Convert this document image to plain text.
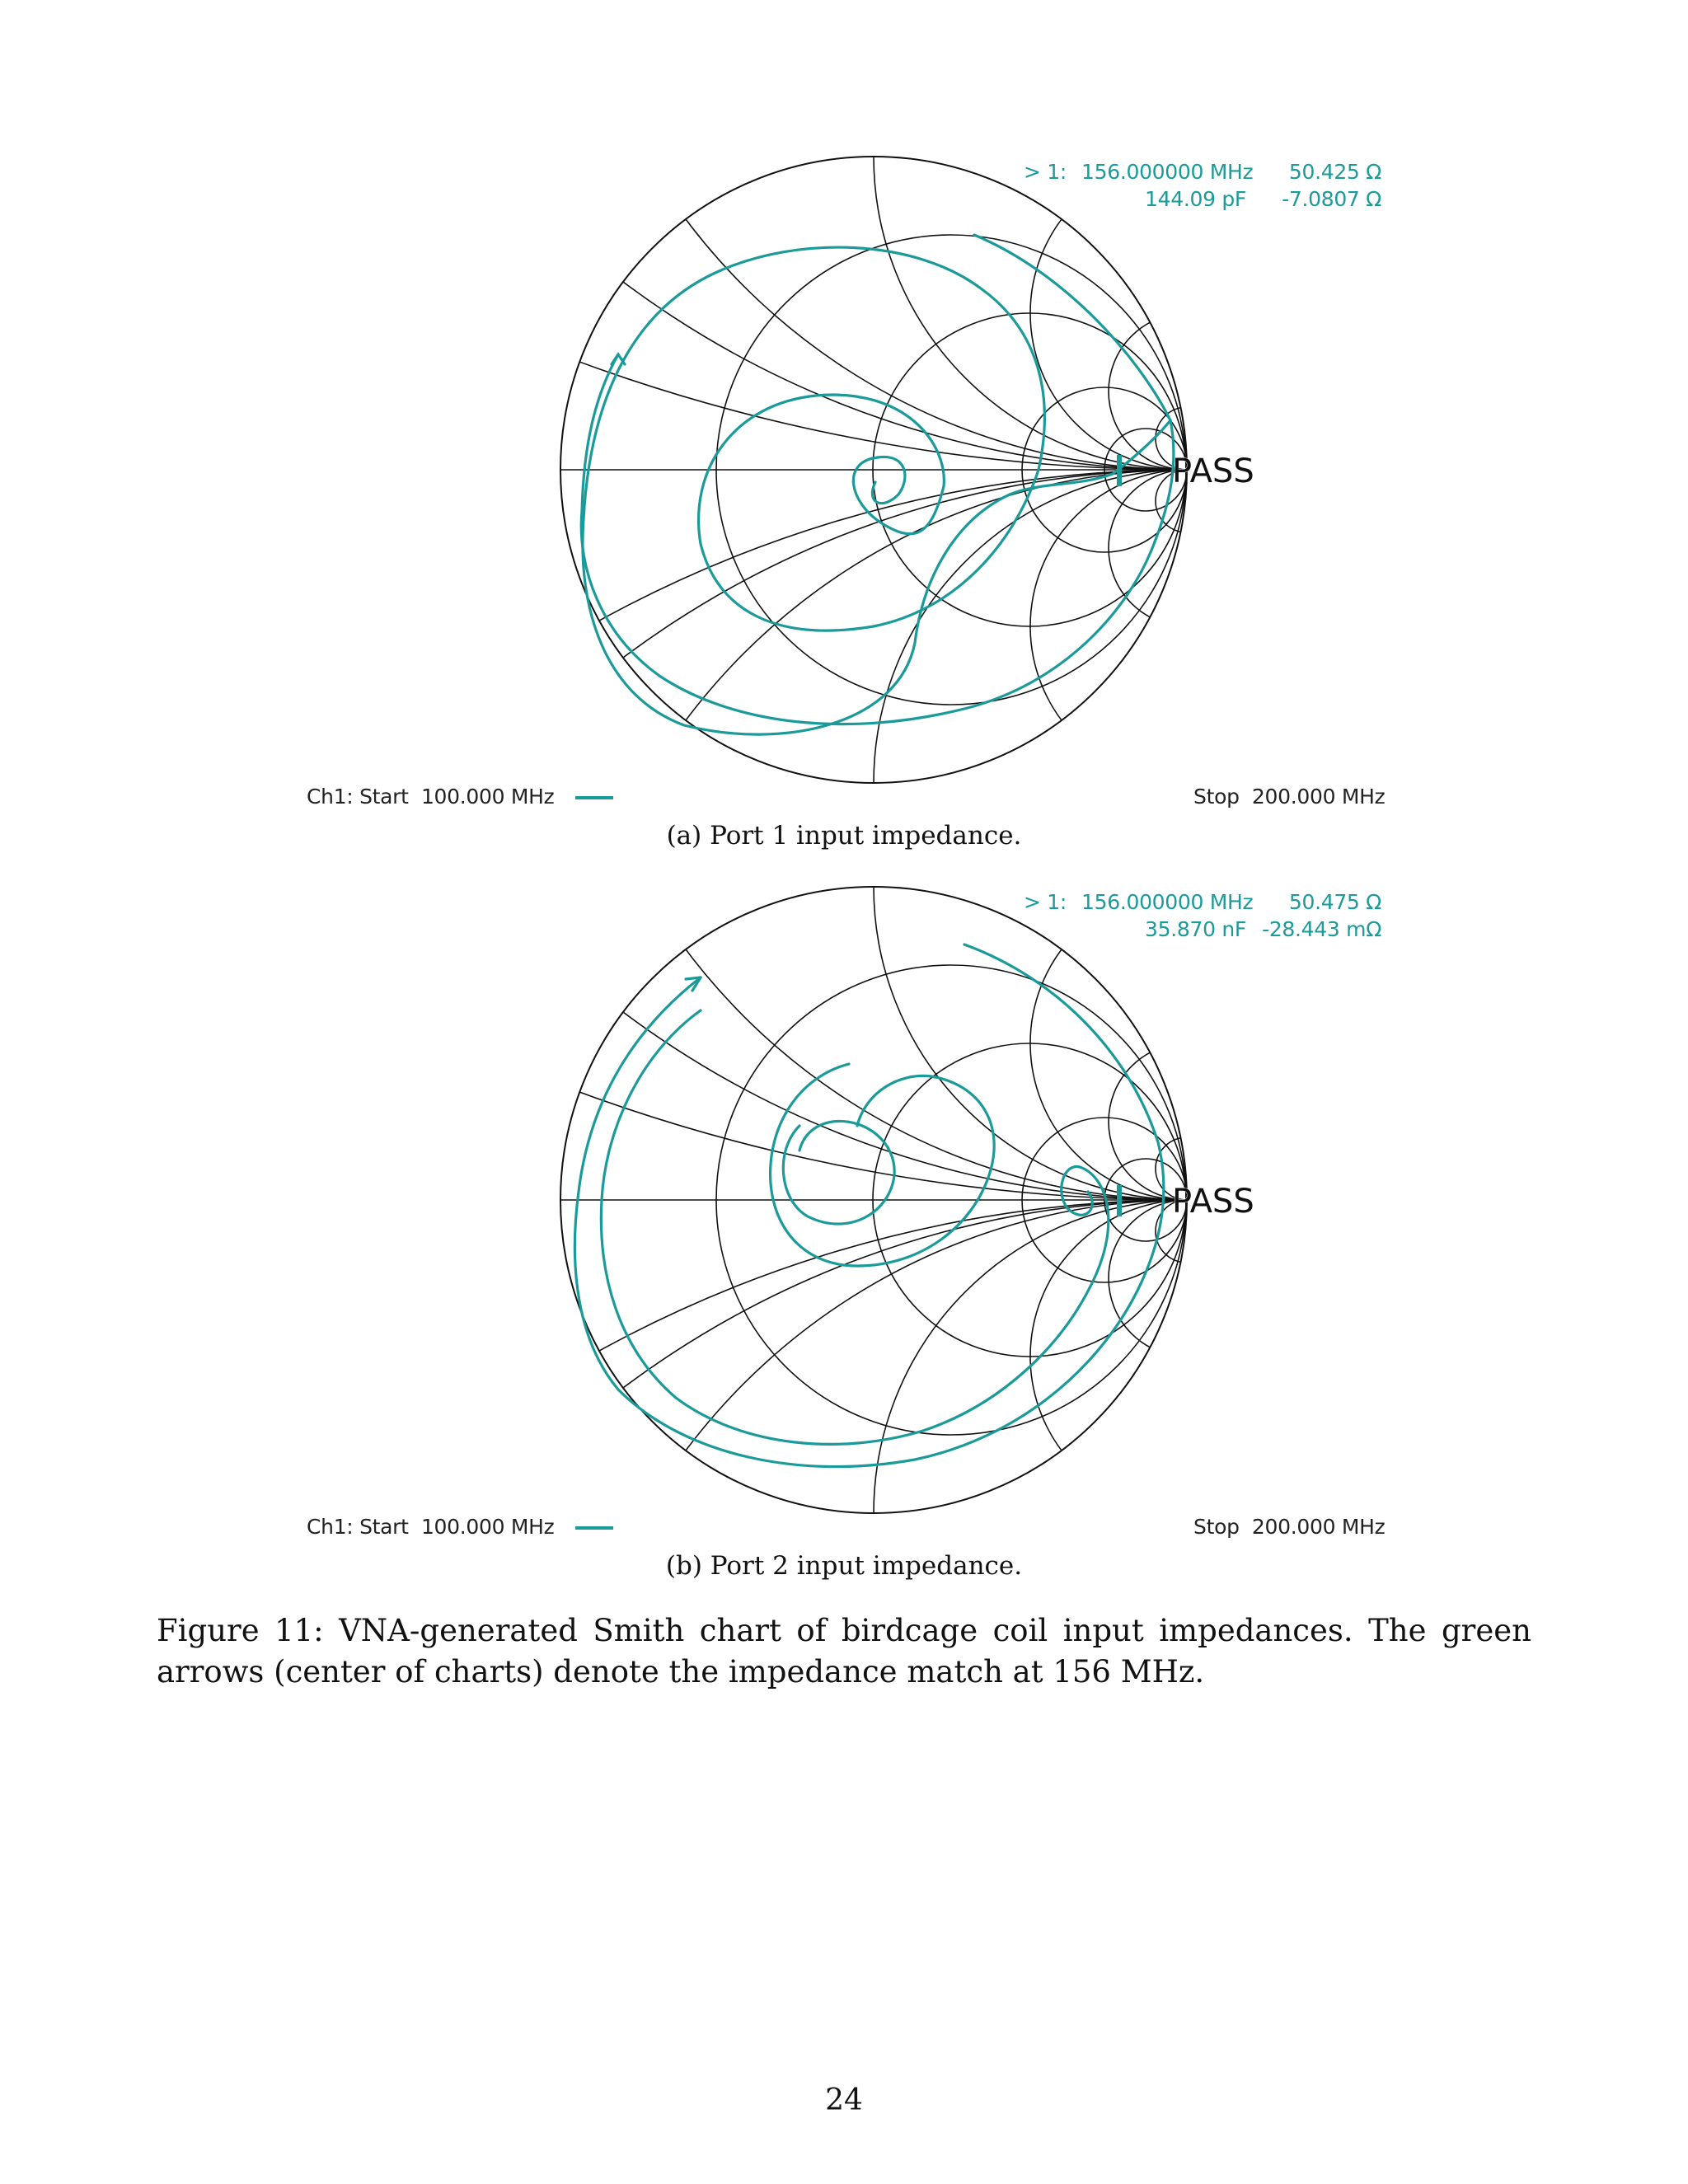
PASS
> 1: 156.000000 MHz	50.425 Ω
144.09 pF	-7.0807 Ω
Ch1: Start  100.000 MHz	Stop  200.000 MHz
(a) Port 1 input impedance.
PASS
> 1: 156.000000 MHz	50.475 Ω
35.870 nF -28.443 mΩ
Ch1: Start  100.000 MHz	Stop  200.000 MHz
(b) Port 2 input impedance.
Figure 11: VNA-generated Smith chart of birdcage coil input impedances. The green arrows (center of charts) denote the impedance match at 156 MHz.
24
